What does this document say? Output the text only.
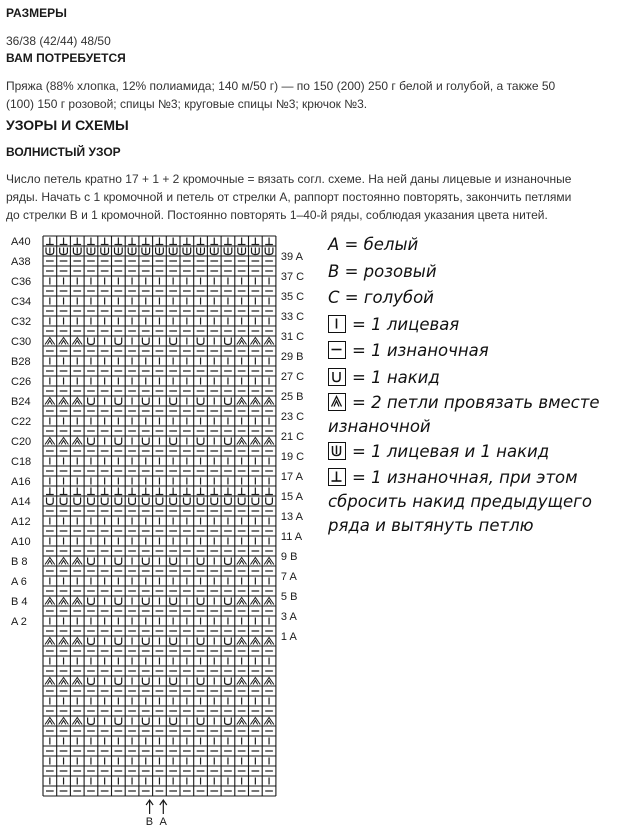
РАЗМЕРЫ
36/38 (42/44) 48/50
ВАМ ПОТРЕБУЕТСЯ
Пряжа (88% хлопка, 12% полиамида; 140 м/50 г) — по 150 (200) 250 г белой и голубой, а также 50
(100) 150 г розовой; спицы №3; круговые спицы №3; крючок №3.
УЗОРЫ И СХЕМЫ
ВОЛНИСТЫЙ УЗОР
Число петель кратно 17 + 1 + 2 кромочные = вязать согл. схеме. На ней даны лицевые и изнаночные
ряды. Начать с 1 кромочной и петель от стрелки А, раппорт постоянно повторять, закончить петлями
до стрелки В и 1 кромочной. Постоянно повторять 1–40-й ряды, соблюдая указания цвета нитей.
A40
A38
C36
C34
C32
C30
B28
C26
B24
C22
C20
C18
A16
A14
A12
A10
B 8
A 6
B 4
A 2
39 A
37 C
35 C
33 C
31 C
29 B
27 C
25 B
23 C
21 C
19 C
17 A
15 A
13 A
11 A
9 B
7 A
5 B
3 A
1 A
B A
А = белый
В = розовый
С = голубой
= 1 лицевая
= 1 изнаночная
= 1 накид
= 2 петли провязать вместе изнаночной
= 1 лицевая и 1 накид
= 1 изнаночная, при этом сбросить накид предыдущего ряда и вытянуть петлю
